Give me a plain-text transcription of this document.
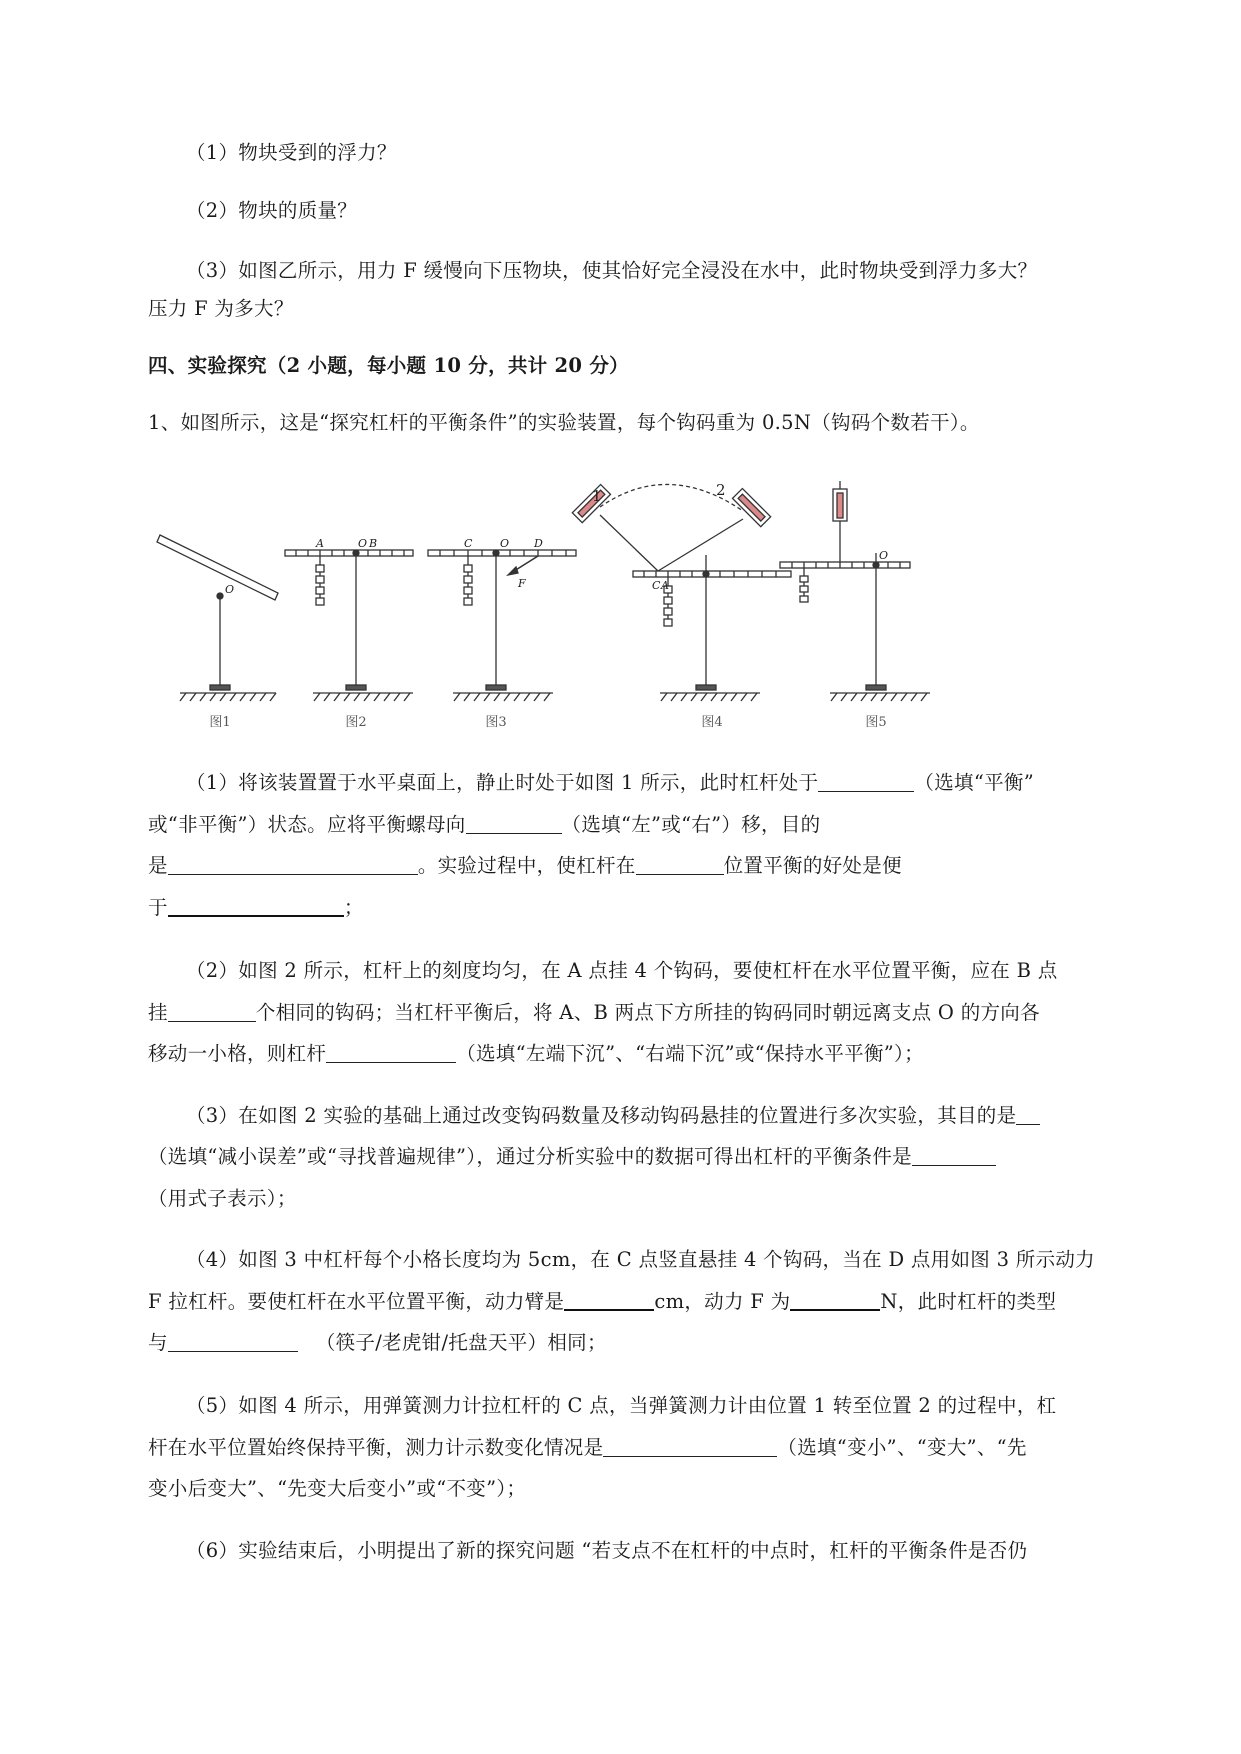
（1）物块受到的浮力？
（2）物块的质量？
（3）如图乙所示，用力 F 缓慢向下压物块，使其恰好完全浸没在水中，此时物块受到浮力多大？
压力 F 为多大？
四、实验探究（2 小题，每小题 10 分，共计 20 分）
1、如图所示，这是“探究杠杆的平衡条件”的实验装置，每个钩码重为 0.5N（钩码个数若干）。
O
A	O B	C	O D
F	C A
O
1	2
图1	图2	图3	图4	图5
（1）将该装置置于水平桌面上，静止时处于如图 1 所示，此时杠杆处于	（选填“平衡”
或“非平衡”）状态。应将平衡螺母向	（选填“左”或“右”）移，目的
是	。实验过程中，使杠杆在	位置平衡的好处是便
于	；
（2）如图 2 所示，杠杆上的刻度均匀，在 A 点挂 4 个钩码，要使杠杆在水平位置平衡，应在 B 点
挂	个相同的钩码；当杠杆平衡后，将 A、B 两点下方所挂的钩码同时朝远离支点 O 的方向各
移动一小格，则杠杆	（选填“左端下沉”、“右端下沉”或“保持水平平衡”）；
（3）在如图 2 实验的基础上通过改变钩码数量及移动钩码悬挂的位置进行多次实验，其目的是
（选填“减小误差”或“寻找普遍规律”），通过分析实验中的数据可得出杠杆的平衡条件是
（用式子表示）；
（4）如图 3 中杠杆每个小格长度均为 5cm，在 C 点竖直悬挂 4 个钩码，当在 D 点用如图 3 所示动力
F 拉杠杆。要使杠杆在水平位置平衡，动力臂是	cm，动力 F 为	N，此时杠杆的类型
与	（筷子/老虎钳/托盘天平）相同；
（5）如图 4 所示，用弹簧测力计拉杠杆的 C 点，当弹簧测力计由位置 1 转至位置 2 的过程中，杠
杆在水平位置始终保持平衡，测力计示数变化情况是	（选填“变小”、“变大”、“先
变小后变大”、“先变大后变小”或“不变”）；
（6）实验结束后，小明提出了新的探究问题 “若支点不在杠杆的中点时，杠杆的平衡条件是否仍
